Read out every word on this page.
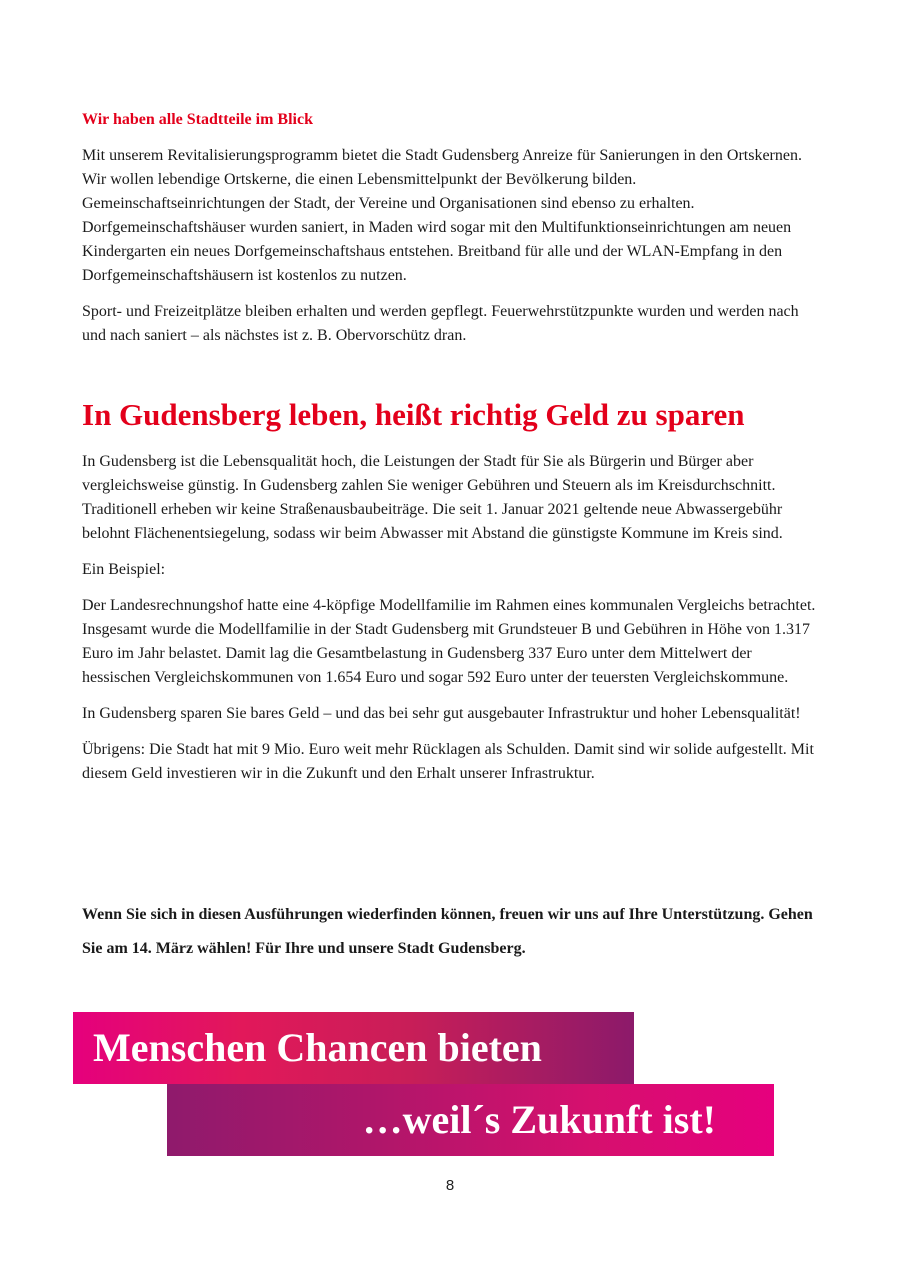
Wir haben alle Stadtteile im Blick

Mit unserem Revitalisierungsprogramm bietet die Stadt Gudensberg Anreize für Sanierungen in den Ortskernen. Wir wollen lebendige Ortskerne, die einen Lebensmittelpunkt der Bevölkerung bilden. Gemeinschaftseinrichtungen der Stadt, der Vereine und Organisationen sind ebenso zu erhalten. Dorfgemeinschaftshäuser wurden saniert, in Maden wird sogar mit den Multifunktionseinrichtungen am neuen Kindergarten ein neues Dorfgemeinschaftshaus entstehen. Breitband für alle und der WLAN-Empfang in den Dorfgemeinschaftshäusern ist kostenlos zu nutzen.

Sport- und Freizeitplätze bleiben erhalten und werden gepflegt. Feuerwehrstützpunkte wurden und werden nach und nach saniert – als nächstes ist z. B. Obervorschütz dran.

In Gudensberg leben, heißt richtig Geld zu sparen

In Gudensberg ist die Lebensqualität hoch, die Leistungen der Stadt für Sie als Bürgerin und Bürger aber vergleichsweise günstig. In Gudensberg zahlen Sie weniger Gebühren und Steuern als im Kreisdurchschnitt. Traditionell erheben wir keine Straßenausbaubeiträge. Die seit 1. Januar 2021 geltende neue Abwassergebühr belohnt Flächenentsiegelung, sodass wir beim Abwasser mit Abstand die günstigste Kommune im Kreis sind.

Ein Beispiel:

Der Landesrechnungshof hatte eine 4-köpfige Modellfamilie im Rahmen eines kommunalen Vergleichs betrachtet. Insgesamt wurde die Modellfamilie in der Stadt Gudensberg mit Grundsteuer B und Gebühren in Höhe von 1.317 Euro im Jahr belastet. Damit lag die Gesamtbelastung in Gudensberg 337 Euro unter dem Mittelwert der hessischen Vergleichskommunen von 1.654 Euro und sogar 592 Euro unter der teuersten Vergleichskommune.

In Gudensberg sparen Sie bares Geld – und das bei sehr gut ausgebauter Infrastruktur und hoher Lebensqualität!

Übrigens: Die Stadt hat mit 9 Mio. Euro weit mehr Rücklagen als Schulden. Damit sind wir solide aufgestellt. Mit diesem Geld investieren wir in die Zukunft und den Erhalt unserer Infrastruktur.

Wenn Sie sich in diesen Ausführungen wiederfinden können, freuen wir uns auf Ihre Unterstützung. Gehen Sie am 14. März wählen! Für Ihre und unsere Stadt Gudensberg.
Menschen Chancen bieten
…weil´s Zukunft ist!
8
